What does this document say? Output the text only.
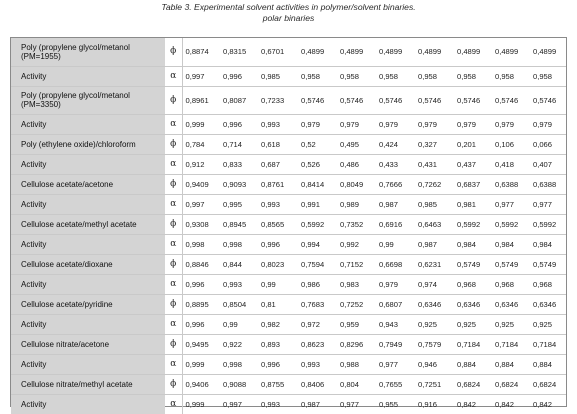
Table 3. Experimental solvent activities in polymer/solvent binaries.
polar binaries
Poly (propylene glycol/metanol (PM=1955)	ϕ	0,8874	0,8315	0,6701	0,4899	0,4899	0,4899	0,4899	0,4899	0,4899	0,4899
Activity	α	0,997	0,996	0,985	0,958	0,958	0,958	0,958	0,958	0,958	0,958
Poly (propylene glycol/metanol (PM=3350)	ϕ	0,8961	0,8087	0,7233	0,5746	0,5746	0,5746	0,5746	0,5746	0,5746	0,5746
Activity	α	0,999	0,996	0,993	0,979	0,979	0,979	0,979	0,979	0,979	0,979
Poly (ethylene oxide)/chloroform	ϕ	0,784	0,714	0,618	0,52	0,495	0,424	0,327	0,201	0,106	0,066
Activity	α	0,912	0,833	0,687	0,526	0,486	0,433	0,431	0,437	0,418	0,407
Cellulose acetate/acetone	ϕ	0,9409	0,9093	0,8761	0,8414	0,8049	0,7666	0,7262	0,6837	0,6388	0,6388
Activity	α	0,997	0,995	0,993	0,991	0,989	0,987	0,985	0,981	0,977	0,977
Cellulose acetate/methyl acetate	ϕ	0,9308	0,8945	0,8565	0,5992	0,7352	0,6916	0,6463	0,5992	0,5992	0,5992
Activity	α	0,998	0,998	0,996	0,994	0,992	0,99	0,987	0,984	0,984	0,984
Cellulose acetate/dioxane	ϕ	0,8846	0,844	0,8023	0,7594	0,7152	0,6698	0,6231	0,5749	0,5749	0,5749
Activity	α	0,996	0,993	0,99	0,986	0,983	0,979	0,974	0,968	0,968	0,968
Cellulose acetate/pyridine	ϕ	0,8895	0,8504	0,81	0,7683	0,7252	0,6807	0,6346	0,6346	0,6346	0,6346
Activity	α	0,996	0,99	0,982	0,972	0,959	0,943	0,925	0,925	0,925	0,925
Cellulose nitrate/acetone	ϕ	0,9495	0,922	0,893	0,8623	0,8296	0,7949	0,7579	0,7184	0,7184	0,7184
Activity	α	0,999	0,998	0,996	0,993	0,988	0,977	0,946	0,884	0,884	0,884
Cellulose nitrate/methyl acetate	ϕ	0,9406	0,9088	0,8755	0,8406	0,804	0,7655	0,7251	0,6824	0,6824	0,6824
Activity	α	0,999	0,997	0,993	0,987	0,977	0,955	0,916	0,842	0,842	0,842
